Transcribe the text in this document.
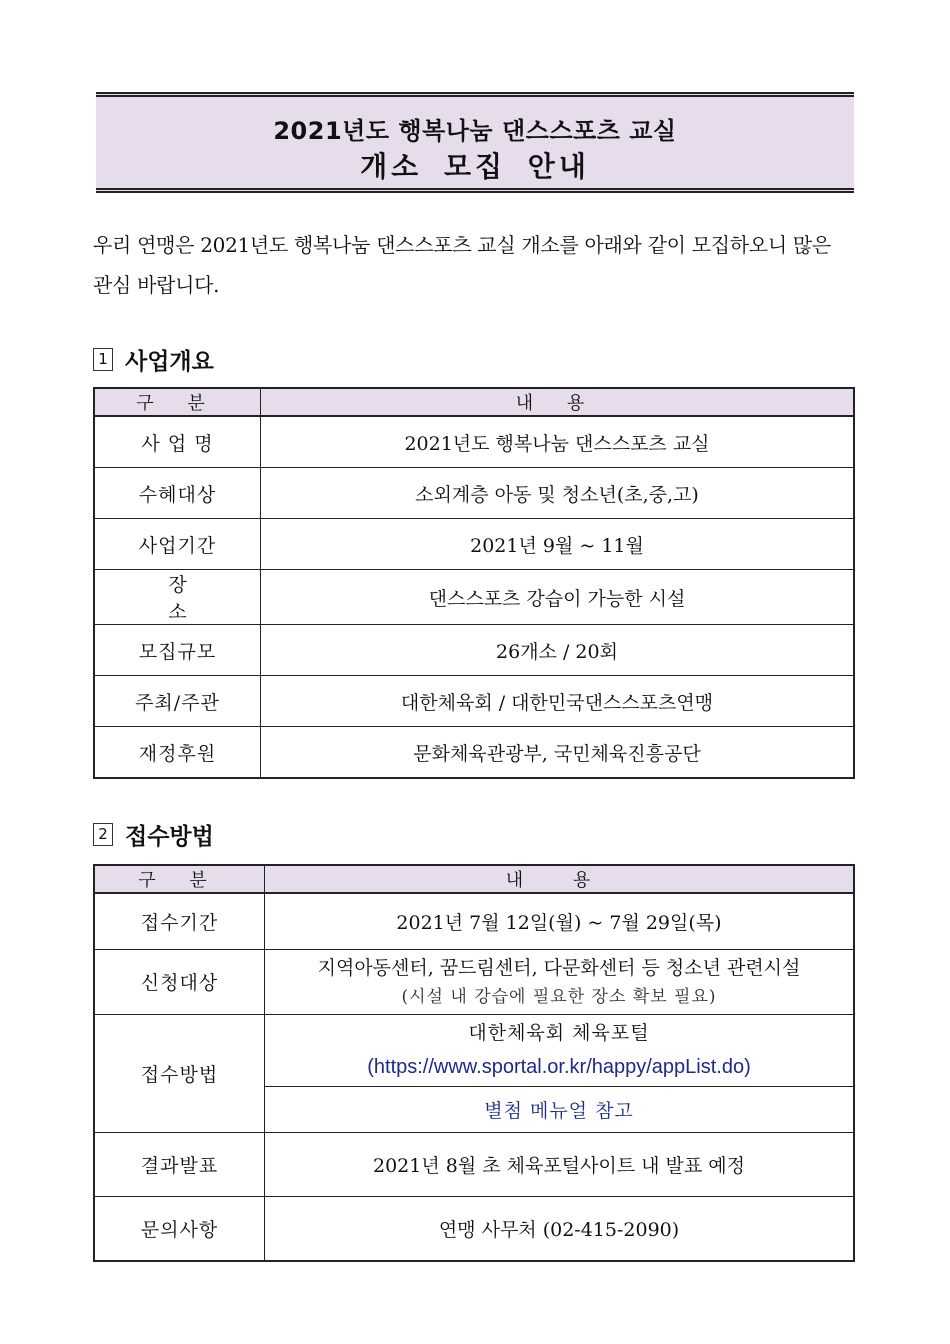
2021년도 행복나눔 댄스스포츠 교실
개소 모집 안내
우리 연맹은 2021년도 행복나눔 댄스스포츠 교실 개소를 아래와 같이 모집하오니 많은 관심 바랍니다.
1 사업개요
구 분	내 용
사 업 명	2021년도 행복나눔 댄스스포츠 교실
수혜대상	소외계층 아동 및 청소년(초,중,고)
사업기간	2021년 9월 ~ 11월
장 소	댄스스포츠 강습이 가능한 시설
모집규모	26개소 / 20회
주최/주관	대한체육회 / 대한민국댄스스포츠연맹
재정후원	문화체육관광부, 국민체육진흥공단
2 접수방법
구 분	내 용
접수기간	2021년 7월 12일(월) ~ 7월 29일(목)
신청대상	지역아동센터, 꿈드림센터, 다문화센터 등 청소년 관련시설
(시설 내 강습에 필요한 장소 확보 필요)

접수방법	대한체육회 체육포털
(https://www.sportal.or.kr/happy/appList.do)

	별첨 메뉴얼 참고
결과발표	2021년 8월 초 체육포털사이트 내 발표 예정
문의사항	연맹 사무처 (02-415-2090)
